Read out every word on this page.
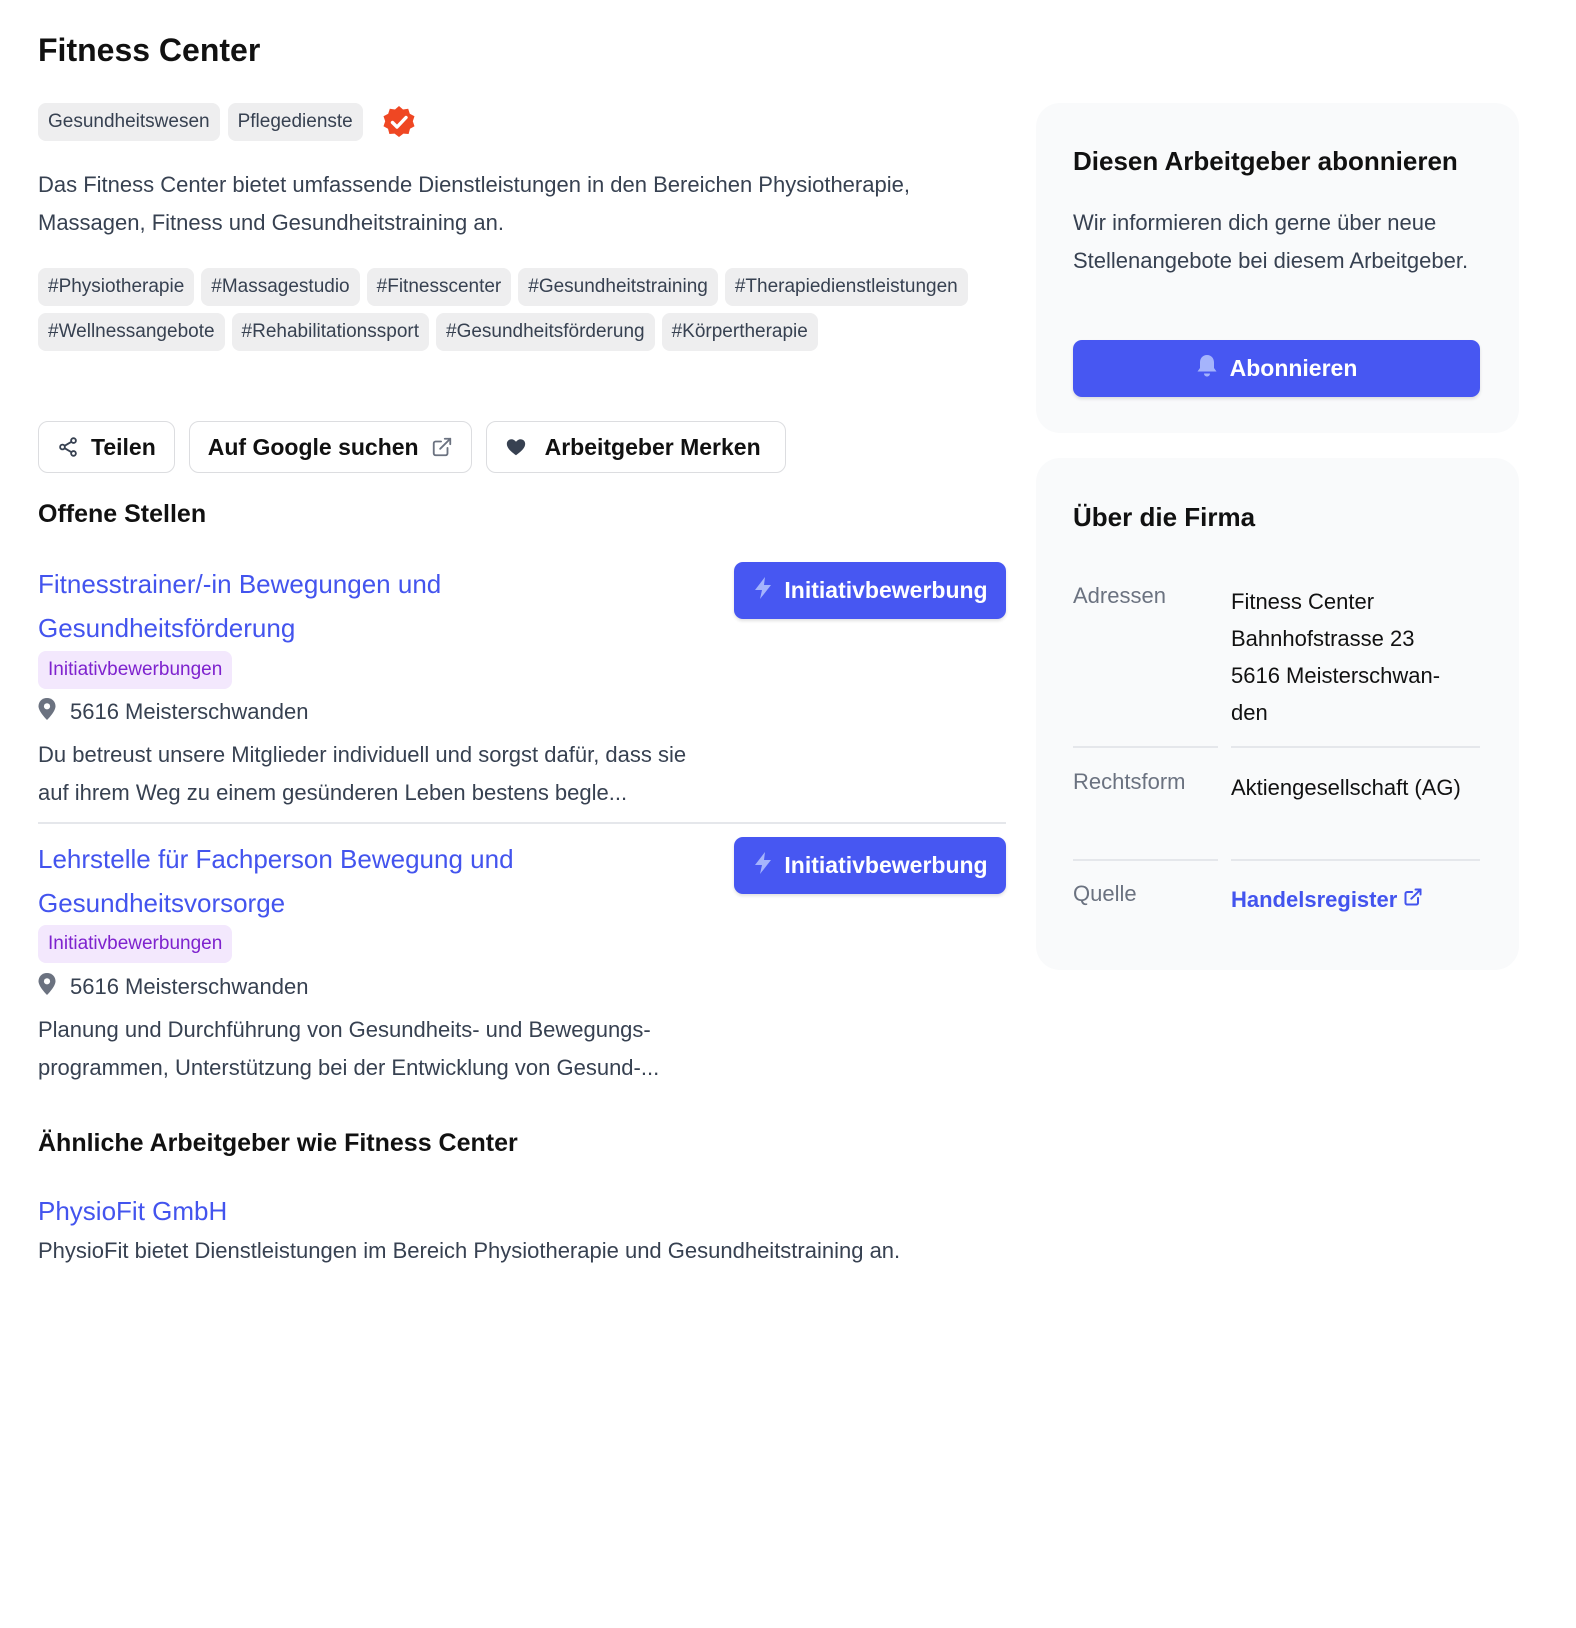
Fitness Center
Gesundheitswesen	Pflegedienste

Das Fitness Center bietet umfassende Dienstleistungen in den Bereichen Physiotherapie, Massagen, Fitness und Gesundheitstraining an.

#Physiotherapie	#Massagestudio	#Fitnesscenter	#Gesundheitstraining	#Therapiedienstleistungen
#Wellnessangebote	#Rehabilitationssport	#Gesundheitsförderung	#Körpertherapie
Teilen Auf Google suchen	Arbeitgeber Merken
Offene Stellen
Fitnesstrainer/-in Bewegungen und Gesundheitsförderung
Initiativbewerbung
Initiativbewerbungen
5616 Meisterschwanden

Du betreust unsere Mitglieder individuell und sorgst dafür, dass sie auf ihrem Weg zu einem gesünderen Leben bestens begle...

Lehrstelle für Fachperson Bewegung und Gesundheitsvorsorge
Initiativbewerbung
Initiativbewerbungen
5616 Meisterschwanden

Planung und Durchführung von Gesundheits- und Bewegungs-programmen, Unterstützung bei der Entwicklung von Gesund-...

Ähnliche Arbeitgeber wie Fitness Center
PhysioFit GmbH

PhysioFit bietet Dienstleistungen im Bereich Physiotherapie und Gesundheitstraining an.

Diesen Arbeitgeber abonnieren

Wir informieren dich gerne über neue Stellenangebote bei diesem Arbeitgeber.

Abonnieren
Über die Firma
Adressen	Fitness Center
Bahnhofstrasse 23
5616 Meisterschwan-
den
Rechtsform Aktiengesellschaft (AG)
Quelle	Handelsregister
